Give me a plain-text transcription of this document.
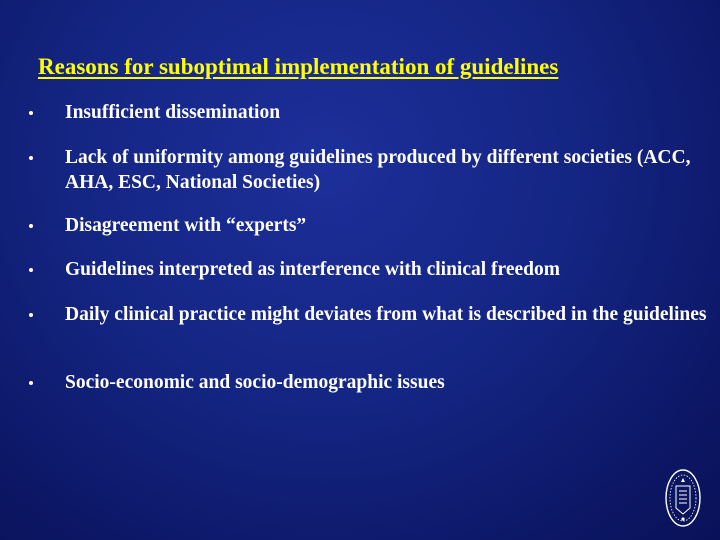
Reasons for suboptimal implementation of guidelines
Insufficient dissemination
Lack of uniformity among guidelines produced by different societies (ACC, AHA, ESC, National Societies)
Disagreement with “experts”
Guidelines interpreted as interference with clinical freedom
Daily clinical practice might deviates from what is described in the guidelines
Socio-economic and socio-demographic issues
